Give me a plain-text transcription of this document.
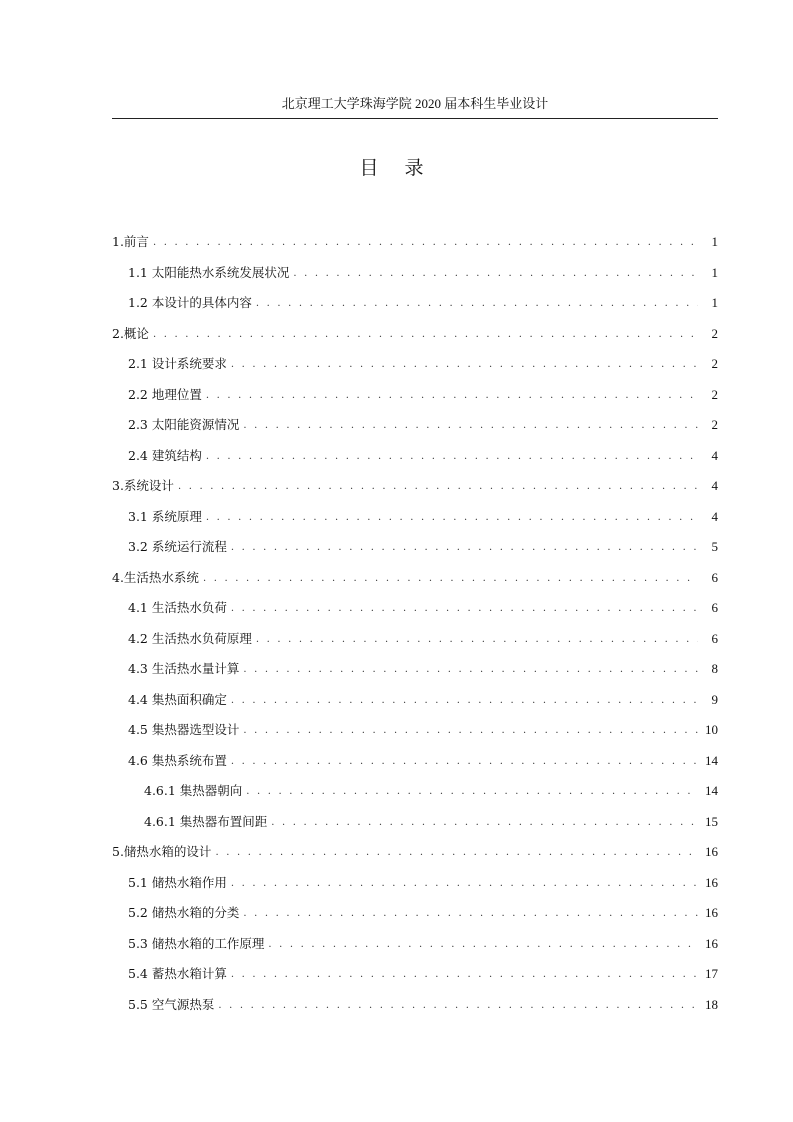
北京理工大学珠海学院 2020 届本科生毕业设计
目 录
1.前言 . . .	1
1.1 太阳能热水系统发展状况 . . .	1
1.2 本设计的具体内容 . . .	1
2.概论 . . .	2
2.1 设计系统要求 . . .	2
2.2 地理位置 . . .	2
2.3 太阳能资源情况 . . .	2
2.4 建筑结构 . . .	4
3.系统设计 . . .	4
3.1 系统原理 . . .	4
3.2 系统运行流程 . . .	5
4.生活热水系统 . . .	6
4.1 生活热水负荷 . . .	6
4.2 生活热水负荷原理 . . .	6
4.3 生活热水量计算 . . .	8
4.4 集热面积确定 . . .	9
4.5 集热器选型设计 . . .	10
4.6 集热系统布置 . . .	14
4.6.1 集热器朝向 . . .	14
4.6.1 集热器布置间距 . . .	15
5.储热水箱的设计 . . .	16
5.1 储热水箱作用 . . .	16
5.2 储热水箱的分类 . . .	16
5.3 储热水箱的工作原理 . . .	16
5.4 蓄热水箱计算 . . .	17
5.5 空气源热泵 . . .	18
